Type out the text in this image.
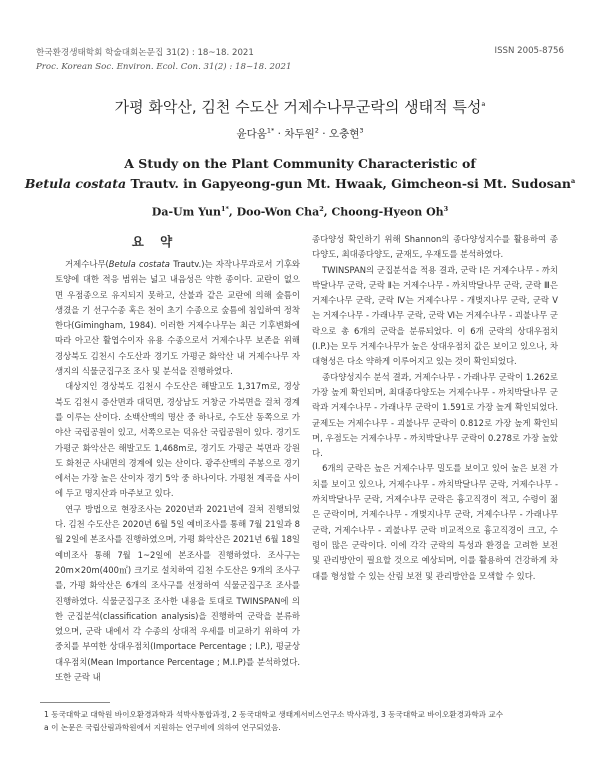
한국환경생태학회 학술대회논문집 31(2) : 18~18. 2021
Proc. Korean Soc. Environ. Ecol. Con. 31(2) : 18~18. 2021
ISSN 2005-8756
가평 화악산, 김천 수도산 거제수나무군락의 생태적 특성$^a$
윤다움$^{1*}$ · 차두원$^2$ · 오충현$^3$
A Study on the Plant Community Characteristic of
Betula costata Trautv. in Gapyeong-gun Mt. Hwaak, Gimcheon-si Mt. Sudosan$^a$
Da-Um Yun$^{1*}$, Doo-Won Cha$^2$, Choong-Hyeon Oh$^3$
요 약

거제수나무(Betula costata Trautv.)는 자작나무과로서 기후와 토양에 대한 적응 범위는 넓고 내음성은 약한 종이다. 교란이 없으면 우점종으로 유지되지 못하고, 산불과 같은 교란에 의해 숲틈이 생겼을 기 선구수종 혹은 천이 초기 수종으로 숲틈에 침입하여 정착한다(Gimingham, 1984). 이러한 거제수나무는 최근 기후변화에 따라 아고산 활엽수이자 유용 수종으로서 거제수나무 보존을 위해 경상북도 김천시 수도산과 경기도 가평군 화악산 내 거제수나무 자생지의 식물군집구조 조사 및 분석을 진행하였다.

대상지인 경상북도 김천시 수도산은 해발고도 1,317m로, 경상북도 김천시 증산면과 대덕면, 경상남도 거창군 가북면을 걸쳐 경계를 이루는 산이다. 소백산맥의 명산 중 하나로, 수도산 동쪽으로 가야산 국립공원이 있고, 서쪽으로는 덕유산 국립공원이 있다. 경기도 가평군 화악산은 해발고도 1,468m로, 경기도 가평군 북면과 강원도 화천군 사내면의 경계에 있는 산이다. 광주산맥의 주봉으로 경기에서는 가장 높은 산이자 경기 5악 중 하나이다. 가평천 계곡을 사이에 두고 명지산과 마주보고 있다.

연구 방법으로 현장조사는 2020년과 2021년에 걸쳐 진행되었다. 김천 수도산은 2020년 6월 5일 예비조사를 통해 7월 21일과 8월 2일에 본조사를 진행하였으며, 가평 화악산은 2021년 6월 18일 예비조사 통해 7월 1~2일에 본조사를 진행하였다. 조사구는 20m×20m(400㎡) 크기로 설치하여 김천 수도산은 9개의 조사구를, 가평 화악산은 6개의 조사구를 선정하여 식물군집구조 조사를 진행하였다. 식물군집구조 조사한 내용을 토대로 TWINSPAN에 의한 군집분석(classification analysis)을 진행하여 군락을 분류하였으며, 군락 내에서 각 수종의 상대적 우세를 비교하기 위하여 가중치를 부여한 상대우점치(Importace Percentage ; I.P.), 평균상대우점치(Mean Importance Percentage ; M.I.P)를 분석하였다. 또한 군락 내

종다양성 확인하기 위해 Shannon의 종다양성지수를 활용하여 종다양도, 최대종다양도, 균재도, 우재도를 분석하였다.

TWINSPAN의 군집분석을 적용 결과, 군락 Ⅰ은 거제수나무 - 까치박달나무 군락, 군락 Ⅱ는 거제수나무 - 까치박달나무 군락, 군락 Ⅲ은 거제수나무 군락, 군락 Ⅳ는 거제수나무 - 개벚지나무 군락, 군락 Ⅴ는 거제수나무 - 가래나무 군락, 군락 Ⅵ는 거제수나무 - 괴불나무 군락으로 총 6개의 군락을 분류되었다. 이 6개 군락의 상대우점치(I.P.)는 모두 거제수나무가 높은 상대우점치 값은 보이고 있으나, 차대형성은 다소 약하게 이루어지고 있는 것이 확인되었다.

종다양성지수 분석 결과, 거제수나무 - 가래나무 군락이 1.262로 가장 높게 확인되며, 최대종다양도는 거제수나무 - 까치박달나무 군락과 거제수나무 - 가래나무 군락이 1.591로 가장 높게 확인되었다. 균제도는 거제수나무 - 괴불나무 군락이 0.812로 가장 높게 확인되며, 우점도는 거제수나무 - 까치박달나무 군락이 0.278로 가장 높았다.

6개의 군락은 높은 거제수나무 밀도를 보이고 있어 높은 보전 가치를 보이고 있으나, 거제수나무 - 까치박달나무 군락, 거제수나무 - 까치박달나무 군락, 거제수나무 군락은 흉고직경이 적고, 수령이 젊은 군락이며, 거제수나무 - 개벚지나무 군락, 거제수나무 - 가래나무 군락, 거제수나무 - 괴불나무 군락 비교적으로 흉고직경이 크고, 수령이 많은 군락이다. 이에 각각 군락의 특성과 환경을 고려한 보전 및 관리방안이 필요할 것으로 예상되며, 이를 활용하여 건강하게 차대를 형성할 수 있는 산림 보전 및 관리방안을 모색할 수 있다.

1 동국대학교 대학원 바이오환경과학과 석박사통합과정, 2 동국대학교 생태계서비스연구소 박사과정, 3 동국대학교 바이오환경과학과 교수
a 이 논문은 국립산림과학원에서 지원하는 연구비에 의하여 연구되었음.
